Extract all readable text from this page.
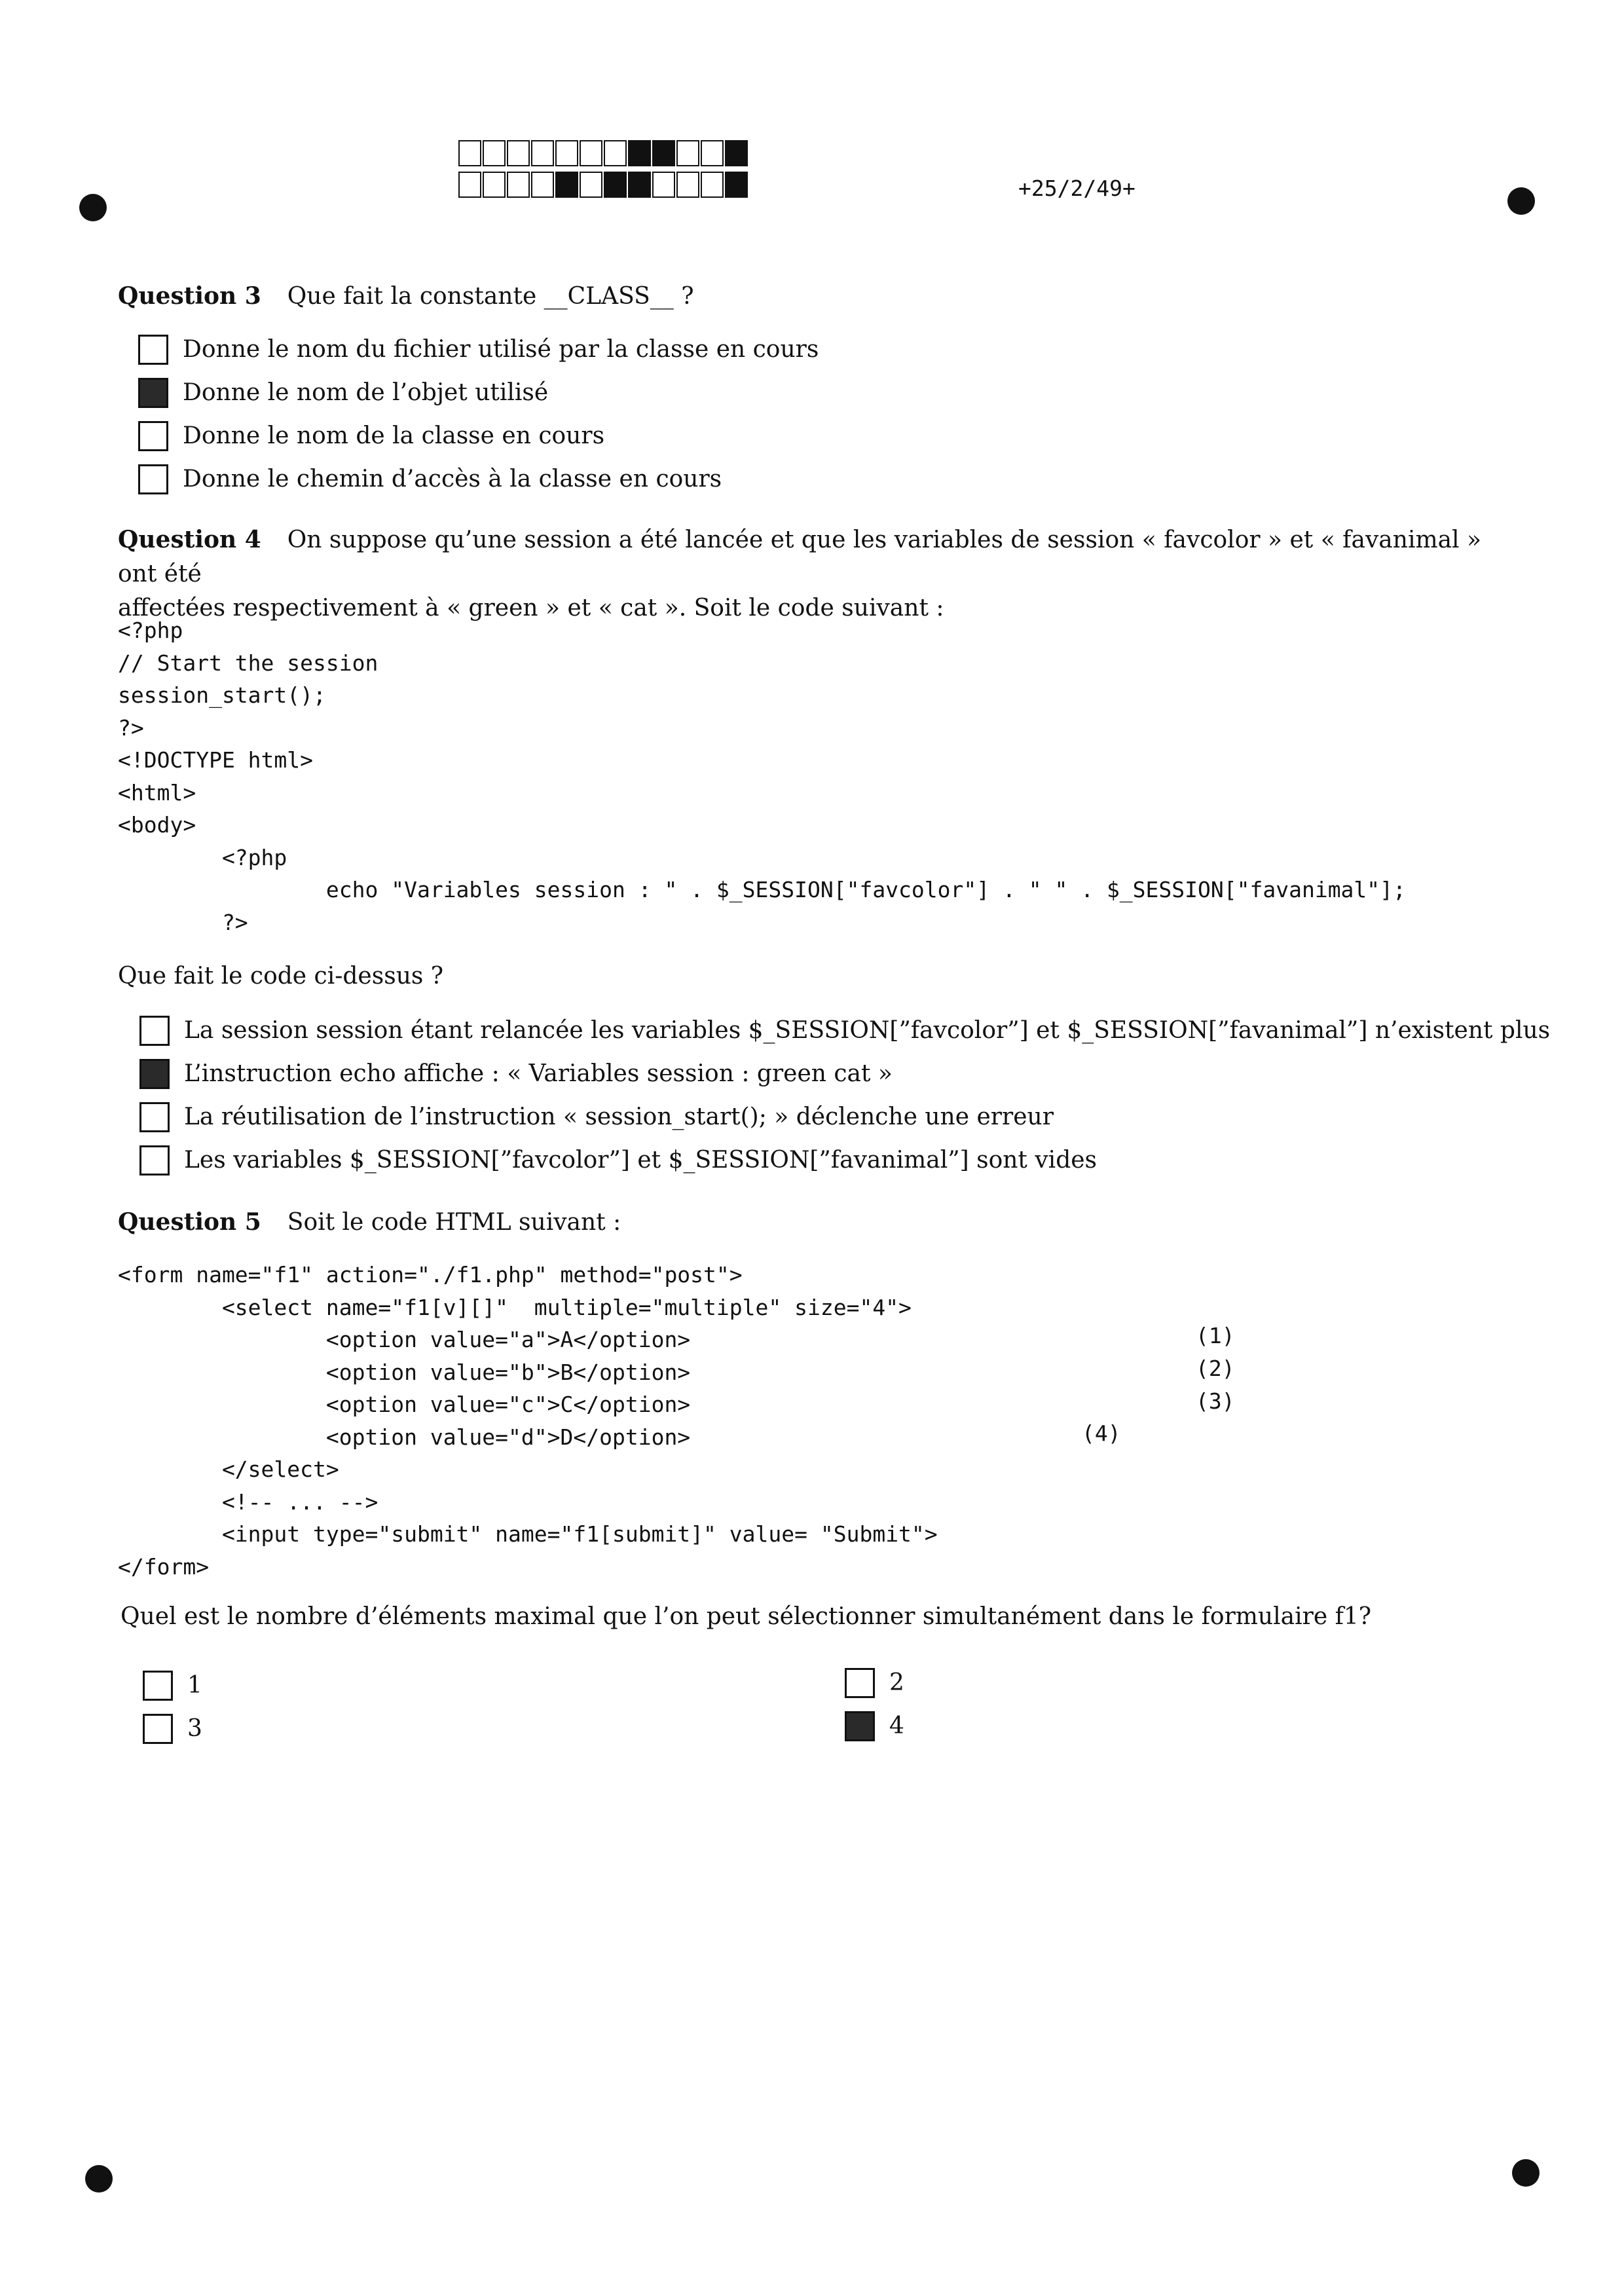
+25/2/49+
Question 3 Que fait la constante __CLASS__ ?
Donne le nom du fichier utilisé par la classe en cours
Donne le nom de l’objet utilisé
Donne le nom de la classe en cours
Donne le chemin d’accès à la classe en cours
Question 4 On suppose qu’une session a été lancée et que les variables de session « favcolor » et « favanimal » ont été
affectées respectivement à « green » et « cat ». Soit le code suivant :
<?php
// Start the session
session_start();
?>
<!DOCTYPE html>
<html>
<body>
<?php
echo "Variables session : " . $_SESSION["favcolor"] . " " . $_SESSION["favanimal"];
?>
Que fait le code ci-dessus ?
La session session étant relancée les variables $_SESSION[”favcolor”] et $_SESSION[”favanimal”] n’existent plus
L’instruction echo affiche : « Variables session : green cat »
La réutilisation de l’instruction « session_start(); » déclenche une erreur
Les variables $_SESSION[”favcolor”] et $_SESSION[”favanimal”] sont vides
Question 5 Soit le code HTML suivant :
<form name="f1" action="./f1.php" method="post">
<select name="f1[v][]"  multiple="multiple" size="4">
<option value="a">A</option>
<option value="b">B</option>
<option value="c">C</option>
<option value="d">D</option>
</select>
<!-- ... -->
<input type="submit" name="f1[submit]" value= "Submit">
</form>
(1)
(2)
(3)
(4)
Quel est le nombre d’éléments maximal que l’on peut sélectionner simultanément dans le formulaire f1?
1	2
3	4
